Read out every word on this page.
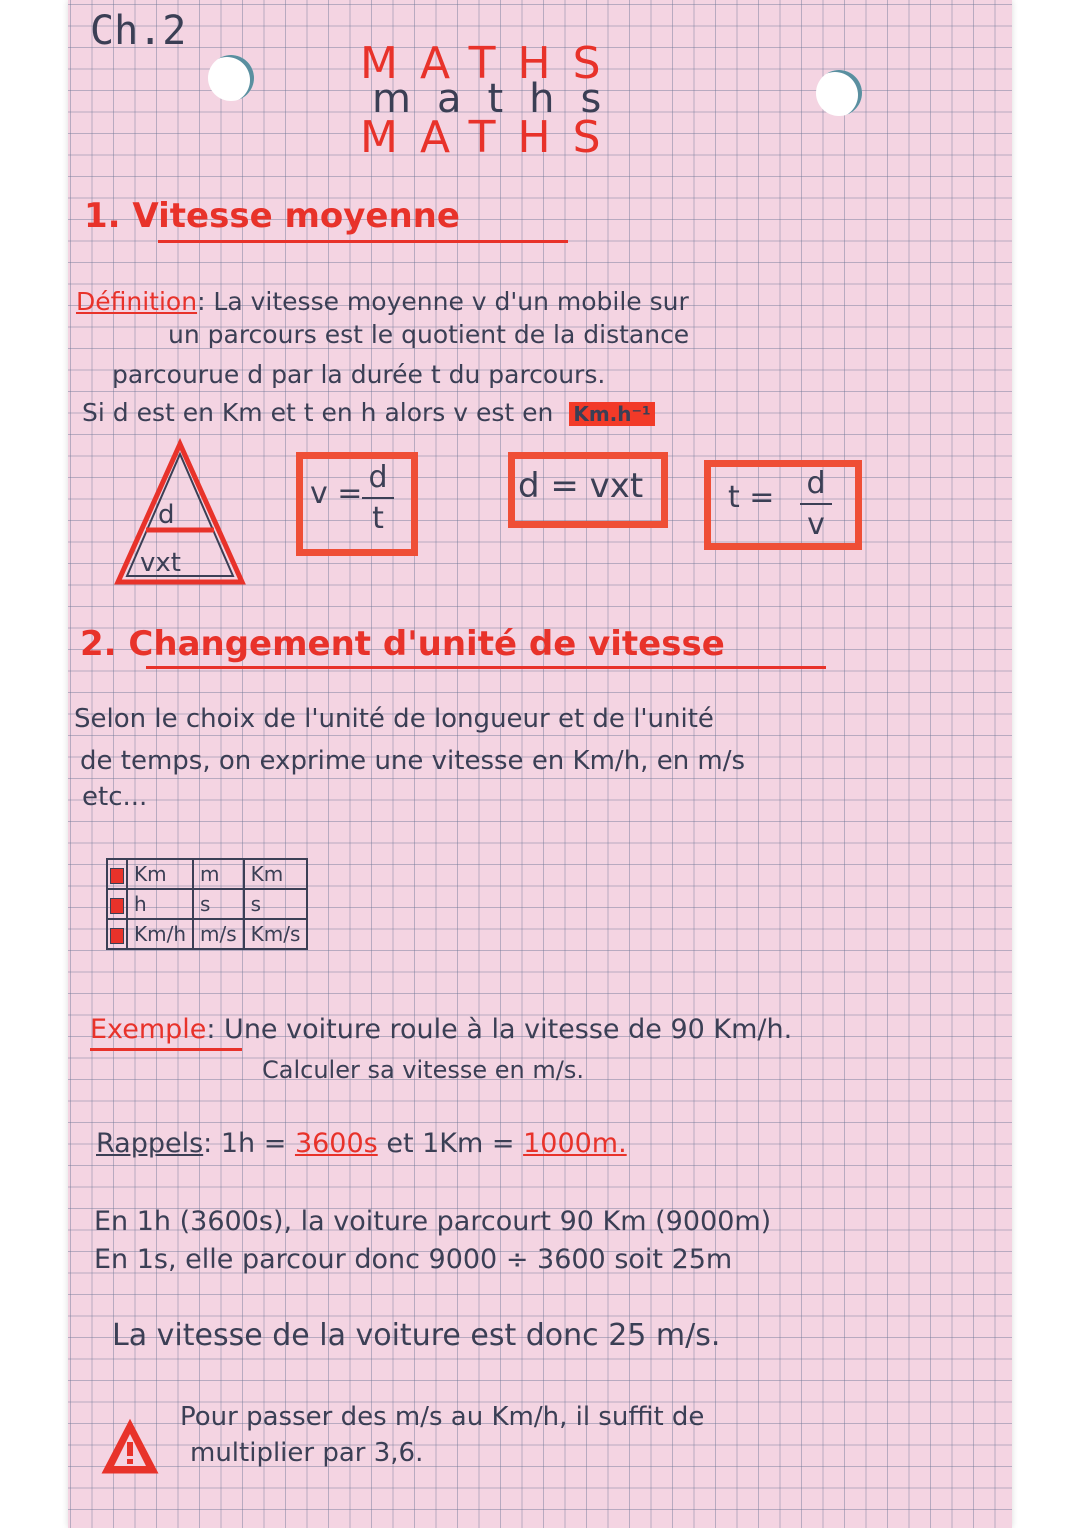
Ch.2
MATHS
maths
MATHS
1. Vitesse moyenne
Définition: La vitesse moyenne v d'un mobile sur
un parcours est le quotient de la distance
parcourue d par la durée t du parcours.
Si d est en Km et t en h alors v est en Km.h⁻¹
d
vxt
v = d
t
d = vxt	t = d
v
2. Changement d'unité de vitesse
Selon le choix de l'unité de longueur et de l'unité
de temps, on exprime une vitesse en Km/h, en m/s
etc...
	Km	m	Km
	h	s	s
	Km/h	m/s	Km/s
Exemple: Une voiture roule à la vitesse de 90 Km/h.
Calculer sa vitesse en m/s.
Rappels: 1h = 3600s et 1Km = 1000m.
En 1h (3600s), la voiture parcourt 90 Km (9000m)
En 1s, elle parcour donc 9000 ÷ 3600 soit 25m
La vitesse de la voiture est donc 25 m/s.
Pour passer des m/s au Km/h, il suffit de
multiplier par 3,6.
